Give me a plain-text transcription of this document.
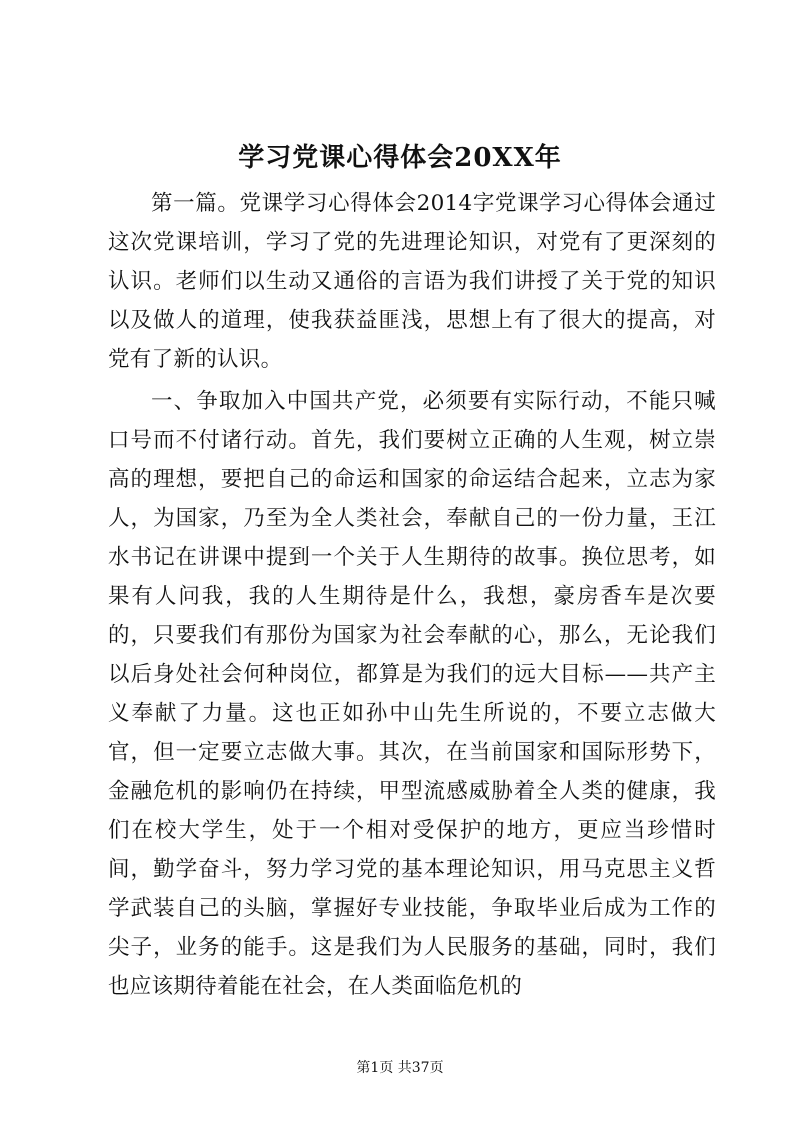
学习党课心得体会20XX年

第一篇。党课学习心得体会2014字党课学习心得体会通过这次党课培训，学习了党的先进理论知识，对党有了更深刻的认识。老师们以生动又通俗的言语为我们讲授了关于党的知识以及做人的道理，使我获益匪浅，思想上有了很大的提高，对党有了新的认识。

一、争取加入中国共产党，必须要有实际行动，不能只喊口号而不付诸行动。首先，我们要树立正确的人生观，树立崇高的理想，要把自己的命运和国家的命运结合起来，立志为家人，为国家，乃至为全人类社会，奉献自己的一份力量，王江水书记在讲课中提到一个关于人生期待的故事。换位思考，如果有人问我，我的人生期待是什么，我想，豪房香车是次要的，只要我们有那份为国家为社会奉献的心，那么，无论我们以后身处社会何种岗位，都算是为我们的远大目标——共产主义奉献了力量。这也正如孙中山先生所说的，不要立志做大官，但一定要立志做大事。其次，在当前国家和国际形势下，金融危机的影响仍在持续，甲型流感威胁着全人类的健康，我们在校大学生，处于一个相对受保护的地方，更应当珍惜时间，勤学奋斗，努力学习党的基本理论知识，用马克思主义哲学武装自己的头脑，掌握好专业技能，争取毕业后成为工作的尖子，业务的能手。这是我们为人民服务的基础，同时，我们也应该期待着能在社会，在人类面临危机的

第1页 共37页
